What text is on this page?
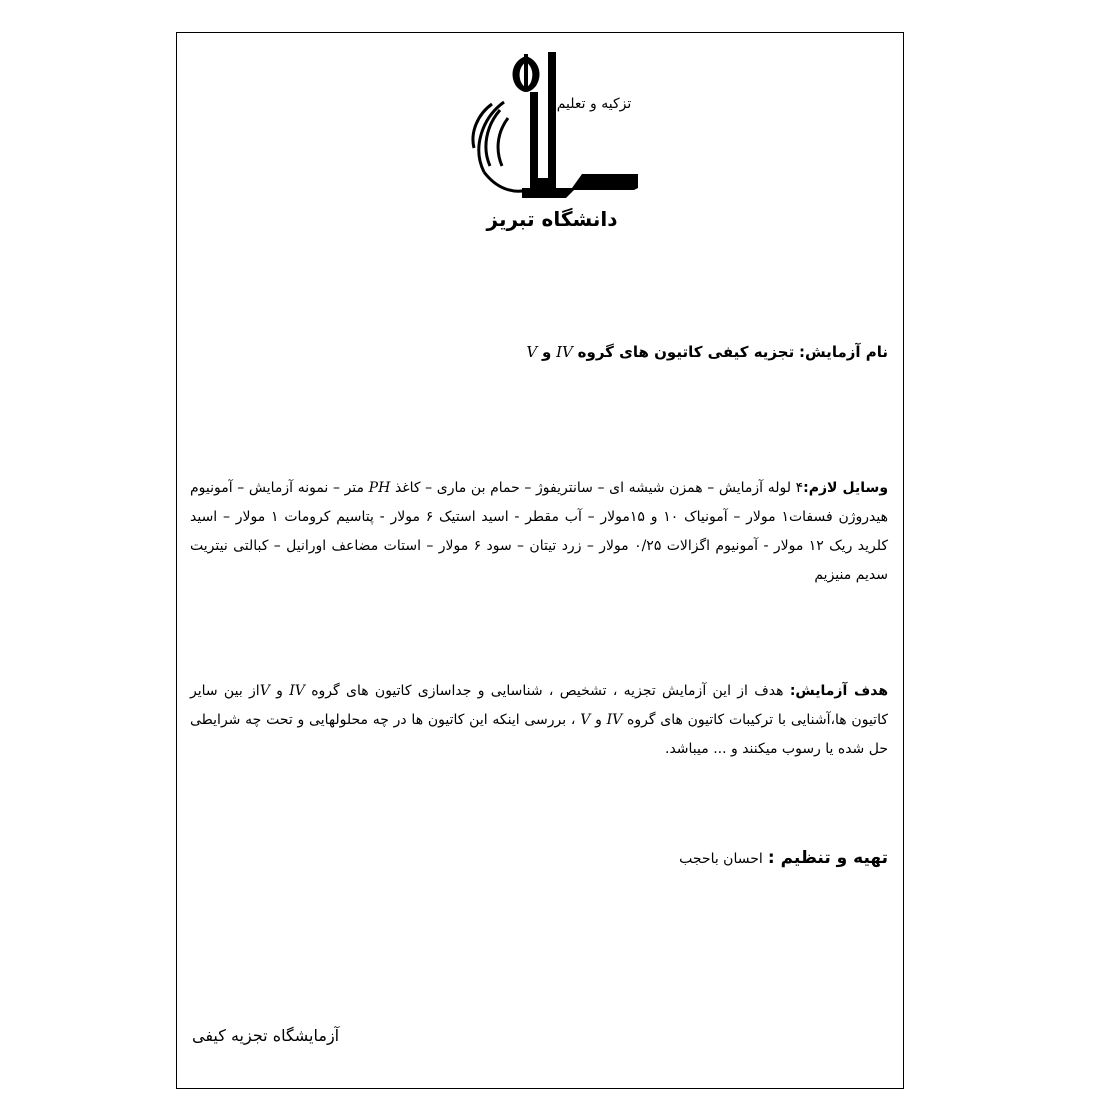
تزکیه و تعلیم
۱۳۲۶
دانشگاه تبریز
نام آزمایش: تجزیه کیفی کاتیون های گروه IV و V
وسایل لازم:۴ لوله آزمایش – همزن شیشه ای – سانتریفوژ – حمام بن ماری – کاغذ PH متر – نمونه آزمایش – آمونیوم هیدروژن فسفات۱ مولار – آمونیاک ۱۰ و ۱۵مولار – آب مقطر - اسید استیک ۶ مولار - پتاسیم کرومات ۱ مولار – اسید کلرید ریک ۱۲ مولار - آمونیوم اگزالات ۰/۲۵ مولار – زرد تیتان – سود ۶ مولار – استات مضاعف اورانیل – کبالتی نیتریت سدیم منیزیم
هدف آزمایش: هدف از این آزمایش تجزیه ، تشخیص ، شناسایی و جداسازی کاتیون های گروه IV و Vاز بین سایر کاتیون ها،آشنایی با ترکیبات کاتیون های گروه IV و V ، بررسی اینکه این کاتیون ها در چه محلولهایی و تحت چه شرایطی حل شده یا رسوب میکنند و ... میباشد.
تهیه و تنظیم : احسان باحجب
آزمایشگاه تجزیه کیفی
